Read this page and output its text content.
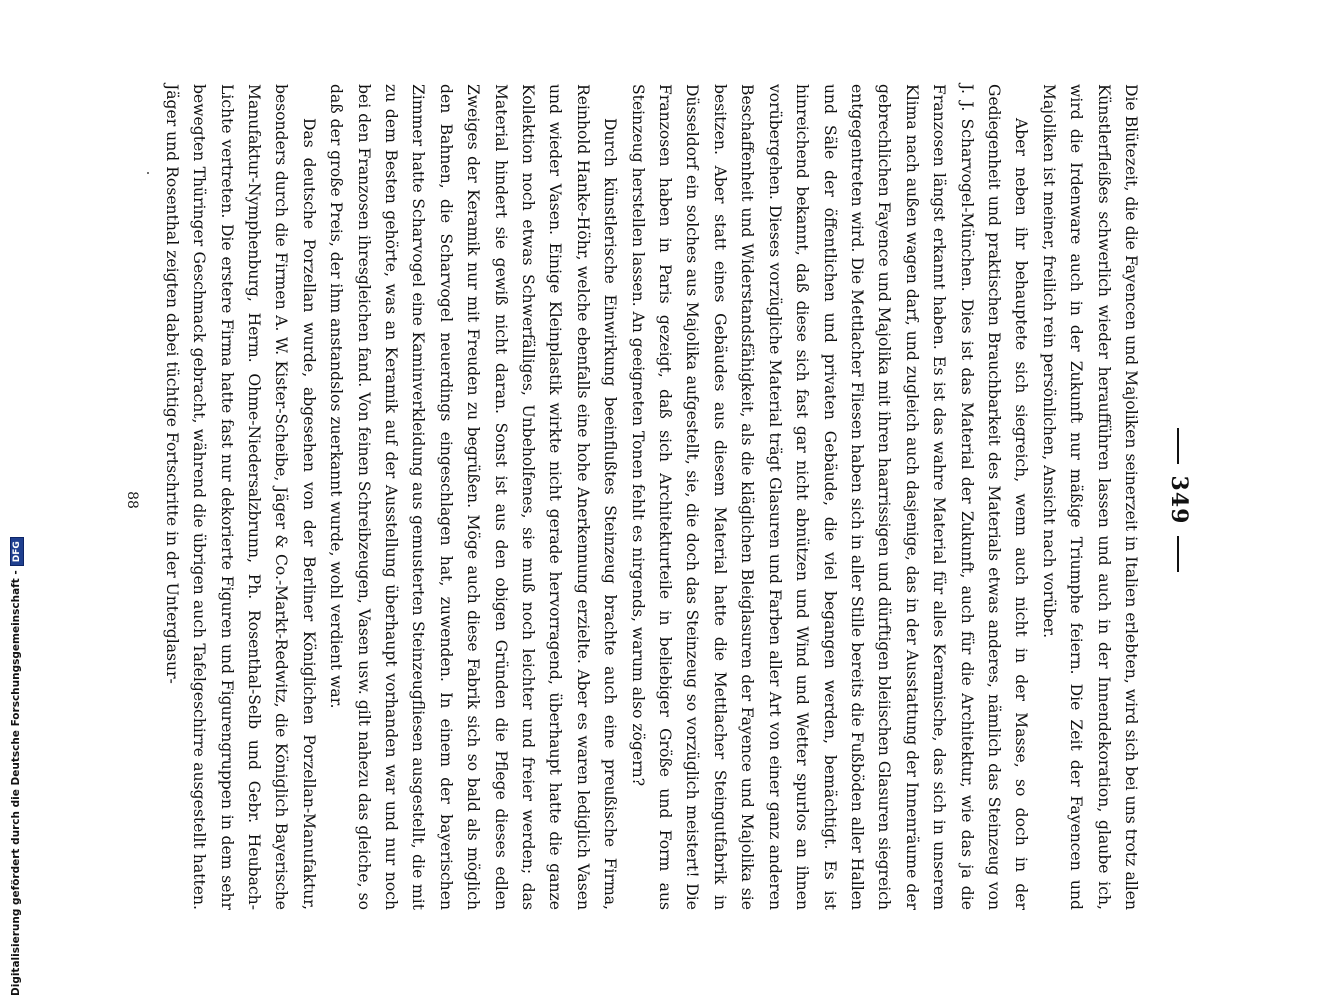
349

Die Blütezeit, die die Fayencen und Majoliken seinerzeit in Italien erlebten, wird sich bei uns trotz allen Künstlerfleißes schwerlich wieder heraufführen lassen und auch in der Innendekoration, glaube ich, wird die Irdenware auch in der Zukunft nur mäßige Triumphe feiern. Die Zeit der Fayencen und Majoliken ist meiner, freilich rein persönlichen, Ansicht nach vorüber.

Aber neben ihr behauptete sich siegreich, wenn auch nicht in der Masse, so doch in der Gediegenheit und praktischen Brauchbarkeit des Materials etwas anderes, nämlich das Steinzeug von J. J. Scharvogel-München. Dies ist das Material der Zukunft, auch für die Architektur, wie das ja die Franzosen längst erkannt haben. Es ist das wahre Material für alles Keramische, das sich in unserem Klima nach außen wagen darf, und zugleich auch dasjenige, das in der Ausstattung der Innenräume der gebrechlichen Fayence und Majolika mit ihren haarrissigen und dürftigen bleiischen Glasuren siegreich entgegentreten wird. Die Mettlacher Fliesen haben sich in aller Stille bereits die Fußböden aller Hallen und Säle der öffentlichen und privaten Gebäude, die viel begangen werden, bemächtigt. Es ist hinreichend bekannt, daß diese sich fast gar nicht abnützen und Wind und Wetter spurlos an ihnen vorübergehen. Dieses vorzügliche Material trägt Glasuren und Farben aller Art von einer ganz anderen Beschaffenheit und Widerstandsfähigkeit, als die kläglichen Bleiglasuren der Fayence und Majolika sie besitzen. Aber statt eines Gebäudes aus diesem Material hatte die Mettlacher Steingutfabrik in Düsseldorf ein solches aus Majolika aufgestellt, sie, die doch das Steinzeug so vorzüglich meistert! Die Franzosen haben in Paris gezeigt, daß sich Architekturteile in beliebiger Größe und Form aus Steinzeug herstellen lassen. An geeigneten Tonen fehlt es nirgends, warum also zögern?

Durch künstlerische Einwirkung beeinflußtes Steinzeug brachte auch eine preußische Firma, Reinhold Hanke-Höhr, welche ebenfalls eine hohe Anerkennung erzielte. Aber es waren lediglich Vasen und wieder Vasen. Einige Kleinplastik wirkte nicht gerade hervorragend, überhaupt hatte die ganze Kollektion noch etwas Schwerfälliges, Unbeholfenes, sie muß noch leichter und freier werden; das Material hindert sie gewiß nicht daran. Sonst ist aus den obigen Gründen die Pflege dieses edlen Zweiges der Keramik nur mit Freuden zu begrüßen. Möge auch diese Fabrik sich so bald als möglich den Bahnen, die Scharvogel neuerdings eingeschlagen hat, zuwenden. In einem der bayerischen Zimmer hatte Scharvogel eine Kaminverkleidung aus gemusterten Steinzeugfliesen ausgestellt, die mit zu dem Besten gehörte, was an Keramik auf der Ausstellung überhaupt vorhanden war und nur noch bei den Franzosen ihresgleichen fand. Von feinen Schreibzeugen, Vasen usw. gilt nahezu das gleiche, so daß der große Preis, der ihm anstandslos zuerkannt wurde, wohl verdient war.

Das deutsche Porzellan wurde, abgesehen von der Berliner Königlichen Porzellan-Manufaktur, besonders durch die Firmen A. W. Kister-Scheibe, Jäger & Co.-Markt-Redwitz, die Königlich Bayerische Manufaktur-Nymphenburg, Herm. Ohme-Niedersalzbrunn, Ph. Rosenthal-Selb und Gebr. Heubach-Lichte vertreten. Die erstere Firma hatte fast nur dekorierte Figuren und Figurengruppen in dem sehr bewegten Thüringer Geschmack gebracht, während die übrigen auch Tafelgeschirre ausgestellt hatten. Jäger und Rosenthal zeigten dabei tüchtige Fortschritte in der Unterglasur-

88
Digitalisierung gefördert durch die Deutsche Forschungsgemeinschaft -DFG
